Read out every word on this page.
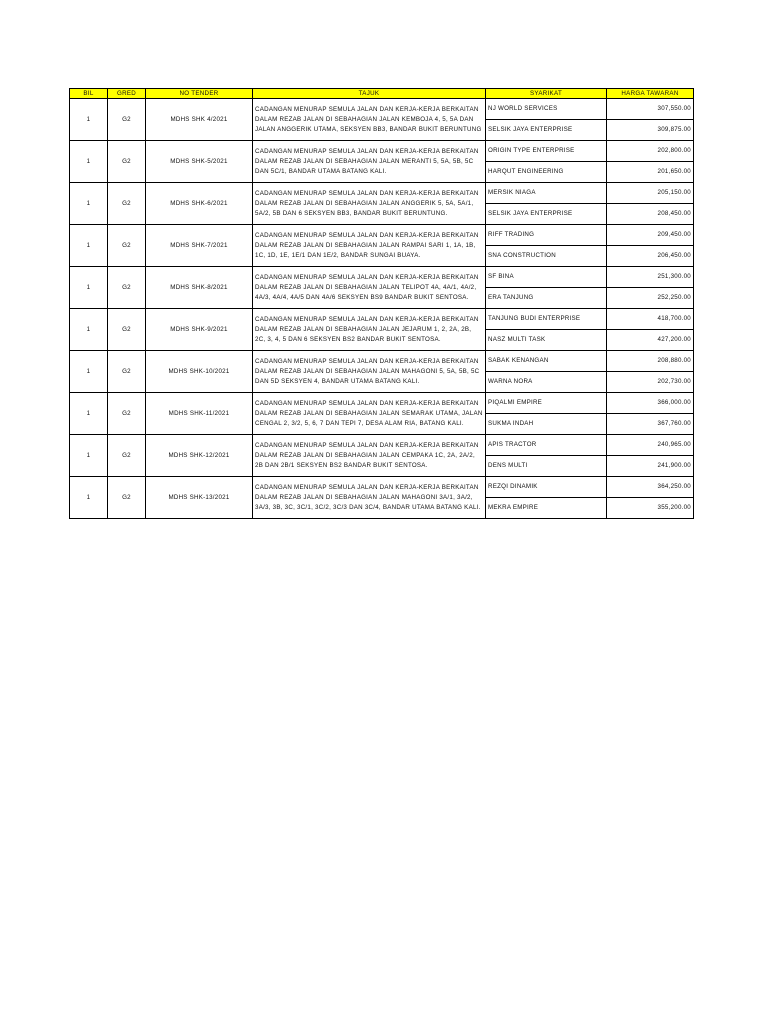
BIL	GRED	NO TENDER	TAJUK	SYARIKAT	HARGA TAWARAN
1	G2	MDHS SHK 4/2021	CADANGAN MENURAP SEMULA JALAN DAN KERJA-KERJA BERKAITAN DALAM REZAB JALAN DI SEBAHAGIAN JALAN KEMBOJA 4, 5, 5A DAN JALAN ANGGERIK UTAMA, SEKSYEN BB3, BANDAR BUKIT BERUNTUNG	NJ WORLD SERVICES	307,550.00
				SELSIK JAYA ENTERPRISE	309,875.00
1	G2	MDHS SHK-5/2021	CADANGAN MENURAP SEMULA JALAN DAN KERJA-KERJA BERKAITAN DALAM REZAB JALAN DI SEBAHAGIAN JALAN MERANTI 5, 5A, 5B, 5C DAN 5C/1, BANDAR UTAMA BATANG KALI.	ORIGIN TYPE ENTERPRISE	202,800.00
				HARQUT ENGINEERING	201,650.00
1	G2	MDHS SHK-6/2021	CADANGAN MENURAP SEMULA JALAN DAN KERJA-KERJA BERKAITAN DALAM REZAB JALAN DI SEBAHAGIAN JALAN ANGGERIK 5, 5A, 5A/1, 5A/2, 5B DAN 6 SEKSYEN BB3, BANDAR BUKIT BERUNTUNG.	MERSIK NIAGA	205,150.00
				SELSIK JAYA ENTERPRISE	208,450.00
1	G2	MDHS SHK-7/2021	CADANGAN MENURAP SEMULA JALAN DAN KERJA-KERJA BERKAITAN DALAM REZAB JALAN DI SEBAHAGIAN JALAN RAMPAI SARI 1, 1A, 1B, 1C, 1D, 1E, 1E/1 DAN 1E/2, BANDAR SUNGAI BUAYA.	RIFF TRADING	209,450.00
				SNA CONSTRUCTION	206,450.00
1	G2	MDHS SHK-8/2021	CADANGAN MENURAP SEMULA JALAN DAN KERJA-KERJA BERKAITAN DALAM REZAB JALAN DI SEBAHAGIAN JALAN TELIPOT 4A, 4A/1, 4A/2, 4A/3, 4A/4, 4A/5 DAN 4A/6 SEKSYEN BS9 BANDAR BUKIT SENTOSA.	SF BINA	251,300.00
				ERA TANJUNG	252,250.00
1	G2	MDHS SHK-9/2021	CADANGAN MENURAP SEMULA JALAN DAN KERJA-KERJA BERKAITAN DALAM REZAB JALAN DI SEBAHAGIAN JALAN JEJARUM 1, 2, 2A, 2B, 2C, 3, 4, 5 DAN 6 SEKSYEN BS2 BANDAR BUKIT SENTOSA.	TANJUNG BUDI ENTERPRISE	418,700.00
				NASZ MULTI TASK	427,200.00
1	G2	MDHS SHK-10/2021	CADANGAN MENURAP SEMULA JALAN DAN KERJA-KERJA BERKAITAN DALAM REZAB JALAN DI SEBAHAGIAN JALAN MAHAGONI 5, 5A, 5B, 5C DAN 5D SEKSYEN 4, BANDAR UTAMA BATANG KALI.	SABAK KENANGAN	208,880.00
				WARNA NORA	202,730.00
1	G2	MDHS SHK-11/2021	CADANGAN MENURAP SEMULA JALAN DAN KERJA-KERJA BERKAITAN DALAM REZAB JALAN DI SEBAHAGIAN JALAN SEMARAK UTAMA, JALAN CENGAL 2, 3/2, 5, 6, 7 DAN TEPI 7, DESA ALAM RIA, BATANG KALI.	PIQALMI EMPIRE	366,000.00
				SUKMA INDAH	367,760.00
1	G2	MDHS SHK-12/2021	CADANGAN MENURAP SEMULA JALAN DAN KERJA-KERJA BERKAITAN DALAM REZAB JALAN DI SEBAHAGIAN JALAN CEMPAKA 1C, 2A, 2A/2, 2B DAN 2B/1 SEKSYEN BS2 BANDAR BUKIT SENTOSA.	APIS TRACTOR	240,965.00
				DENS MULTI	241,900.00
1	G2	MDHS SHK-13/2021	CADANGAN MENURAP SEMULA JALAN DAN KERJA-KERJA BERKAITAN DALAM REZAB JALAN DI SEBAHAGIAN JALAN MAHAGONI 3A/1, 3A/2, 3A/3, 3B, 3C, 3C/1, 3C/2, 3C/3 DAN 3C/4, BANDAR UTAMA BATANG KALI.	REZQI DINAMIK	364,250.00
				MEKRA EMPIRE	355,200.00
